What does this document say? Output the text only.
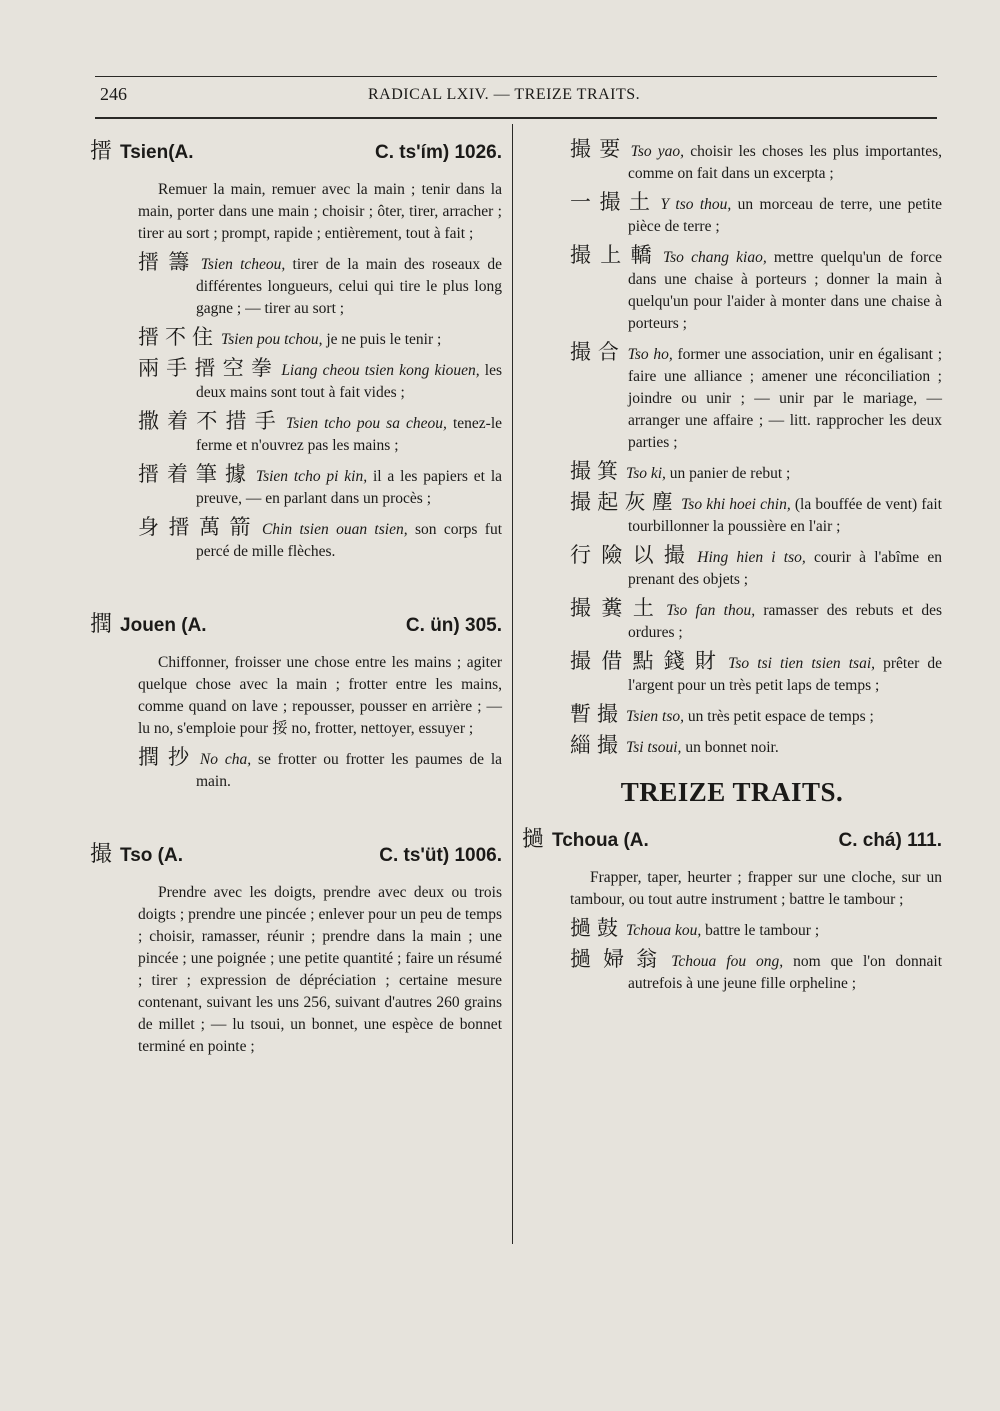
246	RADICAL LXIV. — TREIZE TRAITS.
搢 Tsien(A.	C. ts'ím) 1026.
Remuer la main, remuer avec la main ; tenir dans la main, porter dans une main ; choisir ; ôter, tirer, arracher ; tirer au sort ; prompt, rapide ; entièrement, tout à fait ;
搢籌 Tsien tcheou, tirer de la main des roseaux de différentes longueurs, celui qui tire le plus long gagne ; — tirer au sort ;
搢不住 Tsien pou tchou, je ne puis le tenir ;
兩手搢空拳 Liang cheou tsien kong kiouen, les deux mains sont tout à fait vides ;
撒着不措手 Tsien tcho pou sa cheou, tenez-le ferme et n'ouvrez pas les mains ;
搢着筆據 Tsien tcho pi kin, il a les papiers et la preuve, — en parlant dans un procès ;
身搢萬箭 Chin tsien ouan tsien, son corps fut percé de mille flèches.
撋 Jouen (A.	C. ün) 305.
Chiffonner, froisser une chose entre les mains ; agiter quelque chose avec la main ; frotter entre les mains, comme quand on lave ; repousser, pousser en arrière ; — lu no, s'emploie pour 挼 no, frotter, nettoyer, essuyer ;
撋抄 No cha, se frotter ou frotter les paumes de la main.
撮 Tso (A.	C. ts'üt) 1006.
Prendre avec les doigts, prendre avec deux ou trois doigts ; prendre une pincée ; enlever pour un peu de temps ; choisir, ramasser, réunir ; prendre dans la main ; une pincée ; une poignée ; une petite quantité ; faire un résumé ; tirer ; expression de dépréciation ; certaine mesure contenant, suivant les uns 256, suivant d'autres 260 grains de millet ; — lu tsoui, un bonnet, une espèce de bonnet terminé en pointe ;
撮要 Tso yao, choisir les choses les plus importantes, comme on fait dans un excerpta ;
一撮土 Y tso thou, un morceau de terre, une petite pièce de terre ;
撮上轎 Tso chang kiao, mettre quelqu'un de force dans une chaise à porteurs ; donner la main à quelqu'un pour l'aider à monter dans une chaise à porteurs ;
撮合 Tso ho, former une association, unir en égalisant ; faire une alliance ; amener une réconciliation ; joindre ou unir ; — unir par le mariage, — arranger une affaire ; — litt. rapprocher les deux parties ;
撮箕 Tso ki, un panier de rebut ;
撮起灰塵 Tso khi hoei chin, (la bouffée de vent) fait tourbillonner la poussière en l'air ;
行險以撮 Hing hien i tso, courir à l'abîme en prenant des objets ;
撮糞土 Tso fan thou, ramasser des rebuts et des ordures ;
撮借點錢財 Tso tsi tien tsien tsai, prêter de l'argent pour un très petit laps de temps ;
暫撮 Tsien tso, un très petit espace de temps ;
緇撮 Tsi tsoui, un bonnet noir.
TREIZE TRAITS.
撾 Tchoua (A.	C. chá) 111.
Frapper, taper, heurter ; frapper sur une cloche, sur un tambour, ou tout autre instrument ; battre le tambour ;
撾鼓 Tchoua kou, battre le tambour ;
撾婦翁 Tchoua fou ong, nom que l'on donnait autrefois à une jeune fille orpheline ;
